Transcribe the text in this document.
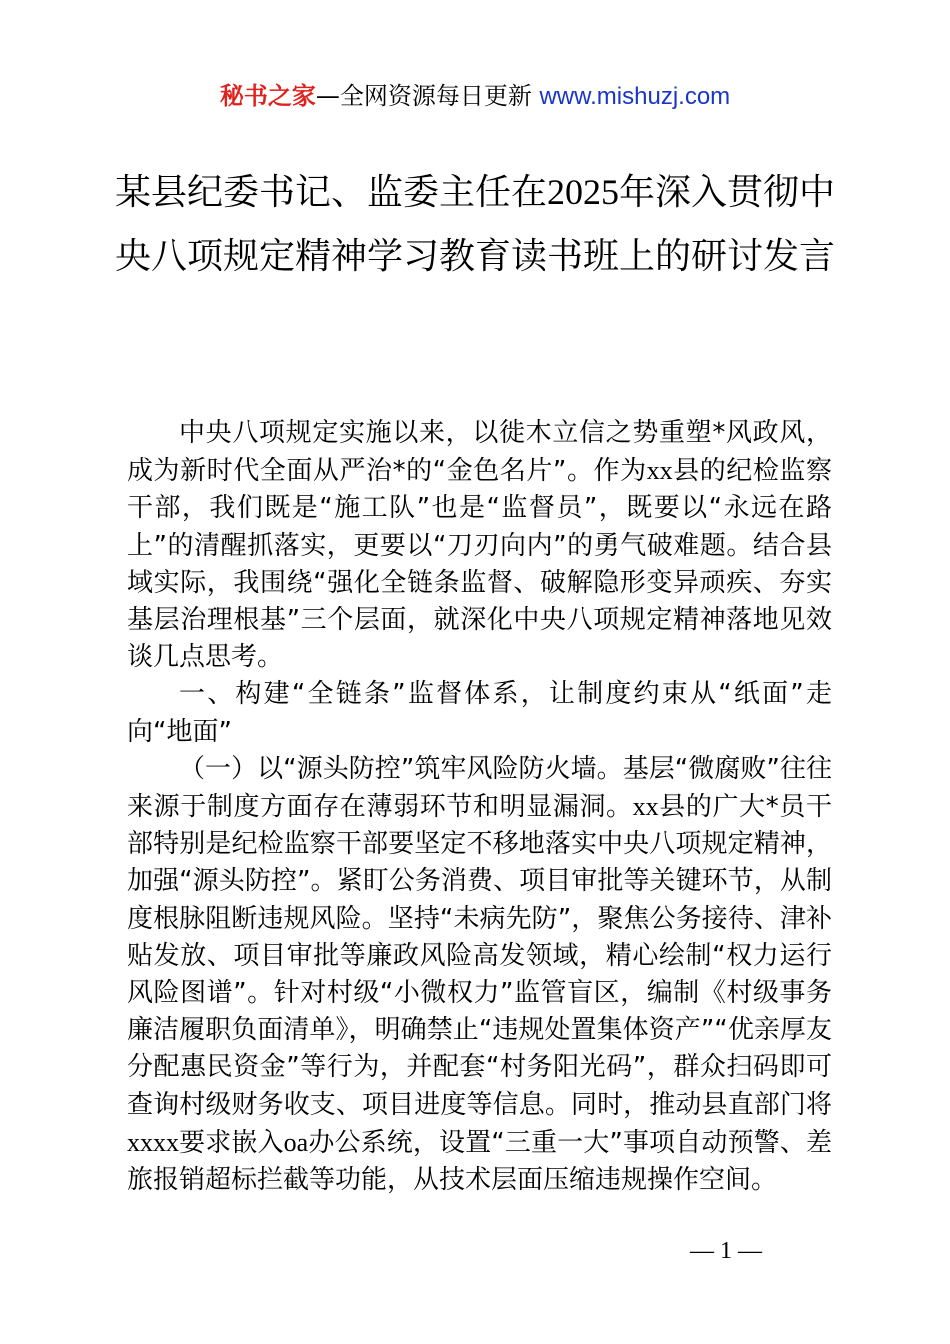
秘书之家—全网资源每日更新 www.mishuzj.com
某县纪委书记、监委主任在2025年深入贯彻中央八项规定精神学习教育读书班上的研讨发言

中央八项规定实施以来，以徙木立信之势重塑*风政风，成为新时代全面从严治*的“金色名片”。作为xx县的纪检监察干部，我们既是“施工队”也是“监督员”，既要以“永远在路上”的清醒抓落实，更要以“刀刃向内”的勇气破难题。结合县域实际，我围绕“强化全链条监督、破解隐形变异顽疾、夯实基层治理根基”三个层面，就深化中央八项规定精神落地见效谈几点思考。

一、构建“全链条”监督体系，让制度约束从“纸面”走向“地面”

（一）以“源头防控”筑牢风险防火墙。基层“微腐败”往往来源于制度方面存在薄弱环节和明显漏洞。xx县的广大*员干部特别是纪检监察干部要坚定不移地落实中央八项规定精神，加强“源头防控”。紧盯公务消费、项目审批等关键环节，从制度根脉阻断违规风险。坚持“未病先防”，聚焦公务接待、津补贴发放、项目审批等廉政风险高发领域，精心绘制“权力运行风险图谱”。针对村级“小微权力”监管盲区，编制《村级事务廉洁履职负面清单》，明确禁止“违规处置集体资产”“优亲厚友分配惠民资金”等行为，并配套“村务阳光码”，群众扫码即可查询村级财务收支、项目进度等信息。同时，推动县直部门将xxxx要求嵌入oa办公系统，设置“三重一大”事项自动预警、差旅报销超标拦截等功能，从技术层面压缩违规操作空间。

— 1 —
